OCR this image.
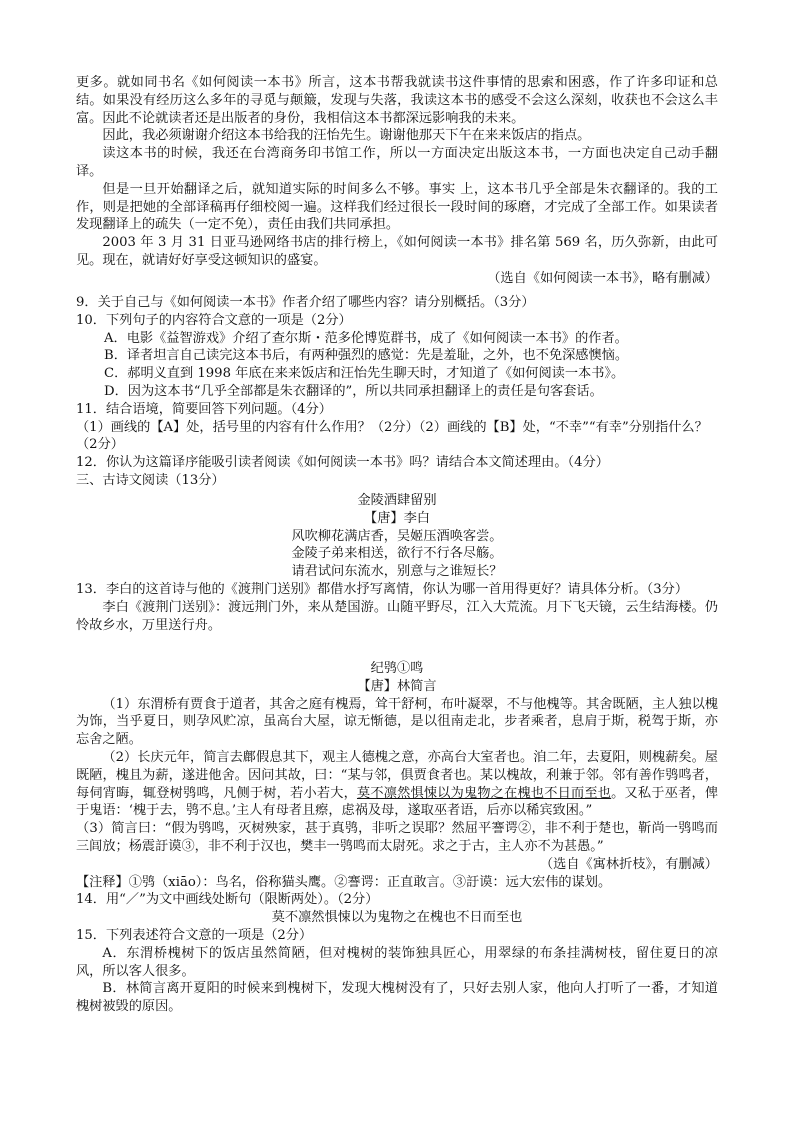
更多。就如同书名《如何阅读一本书》所言，这本书帮我就读书这件事情的思索和困惑，作了许多印证和总结。如果没有经历这么多年的寻觅与颠簸，发现与失落，我读这本书的感受不会这么深刻，收获也不会这么丰富。因此不论就读者还是出版者的身份，我相信这本书都深远影响我的未来。

因此，我必须谢谢介绍这本书给我的汪怡先生。谢谢他那天下午在来来饭店的指点。

读这本书的时候，我还在台湾商务印书馆工作，所以一方面决定出版这本书，一方面也决定自己动手翻译。

但是一旦开始翻译之后，就知道实际的时间多么不够。事实 上，这本书几乎全部是朱衣翻译的。我的工作，则是把她的全部译稿再仔细校阅一遍。这样我们经过很长一段时间的琢磨，才完成了全部工作。如果读者发现翻译上的疏失（一定不免），责任由我们共同承担。

2003 年 3 月 31 日亚马逊网络书店的排行榜上，《如何阅读一本书》排名第 569 名，历久弥新，由此可见。现在，就请好好享受这顿知识的盛宴。

（选自《如何阅读一本书》，略有删减）

9．关于自己与《如何阅读一本书》作者介绍了哪些内容？请分别概括。（3分）

10．下列句子的内容符合文意的一项是（2分）

A．电影《益智游戏》介绍了查尔斯・范多伦博览群书，成了《如何阅读一本书》的作者。

B．译者坦言自己读完这本书后，有两种强烈的感觉：先是羞耻，之外，也不免深感懊恼。

C．郝明义直到 1998 年底在来来饭店和汪怡先生聊天时，才知道了《如何阅读一本书》。

D．因为这本书“几乎全部都是朱衣翻译的”，所以共同承担翻译上的责任是句客套话。

11．结合语境，简要回答下列问题。（4分）

（1）画线的【A】处，括号里的内容有什么作用？（2分）（2）画线的【B】处，“不幸”“有幸”分别指什么？（2分）

12．你认为这篇译序能吸引读者阅读《如何阅读一本书》吗？请结合本文简述理由。（4分）

三、古诗文阅读（13分）

金陵酒肆留别

【唐】李白

风吹柳花满店香，吴姬压酒唤客尝。

金陵子弟来相送，欲行不行各尽觞。

请君试问东流水，别意与之谁短长？

13．李白的这首诗与他的《渡荆门送别》都借水抒写离情，你认为哪一首用得更好？请具体分析。（3分）

李白《渡荆门送别》：渡远荆门外，来从楚国游。山随平野尽，江入大荒流。月下飞天镜，云生结海楼。仍怜故乡水，万里送行舟。

纪鸮①鸣

【唐】林简言

（1）东渭桥有贾食于道者，其舍之庭有槐焉，耸干舒柯，布叶凝翠，不与他槐等。其舍既陋，主人独以槐为饰，当乎夏日，则孕风贮凉，虽高台大屋，谅无惭德，是以徂南走北，步者乘者，息肩于斯，税驾于斯，亦忘舍之陋。

（2）长庆元年，简言去鄜假息其下，观主人德槐之意，亦高台大室者也。洎二年，去夏阳，则槐薪矣。屋既陋，槐且为薪，遂进他舍。因问其故，曰：“某与邻，俱贾食者也。某以槐故，利兼于邻。邻有善作鸮鸣者，每伺宵晦，辄登树鸮鸣，凡侧于树，若小若大，莫不凛然惧悚以为鬼物之在槐也不日而至也。又私于巫者，俾于鬼语：‘槐于去，鸮不息。’主人有母者且瘵，虑祸及母，遂取巫者语，后亦以稀宾致困。”

（3）简言曰：“假为鸮鸣，灭树殃家，甚于真鸮，非听之误耶？然屈平謇谔②，非不利于楚也，靳尚一鸮鸣而三闾放；杨震訏谟③，非不利于汉也，樊丰一鸮鸣而太尉死。求之于古，主人亦不为甚愚。”

（选自《寓林折枝》，有删减）

【注释】①鸮（xiāo）：鸟名，俗称猫头鹰。②謇谔：正直敢言。③訏谟：远大宏伟的谋划。

14．用“／”为文中画线处断句（限断两处）。（2分）

莫不凛然惧悚以为鬼物之在槐也不日而至也

15．下列表述符合文意的一项是（2分）

A．东渭桥槐树下的饭店虽然简陋，但对槐树的装饰独具匠心，用翠绿的布条挂满树枝，留住夏日的凉风，所以客人很多。

B．林简言离开夏阳的时候来到槐树下，发现大槐树没有了，只好去别人家，他向人打听了一番，才知道槐树被毁的原因。
